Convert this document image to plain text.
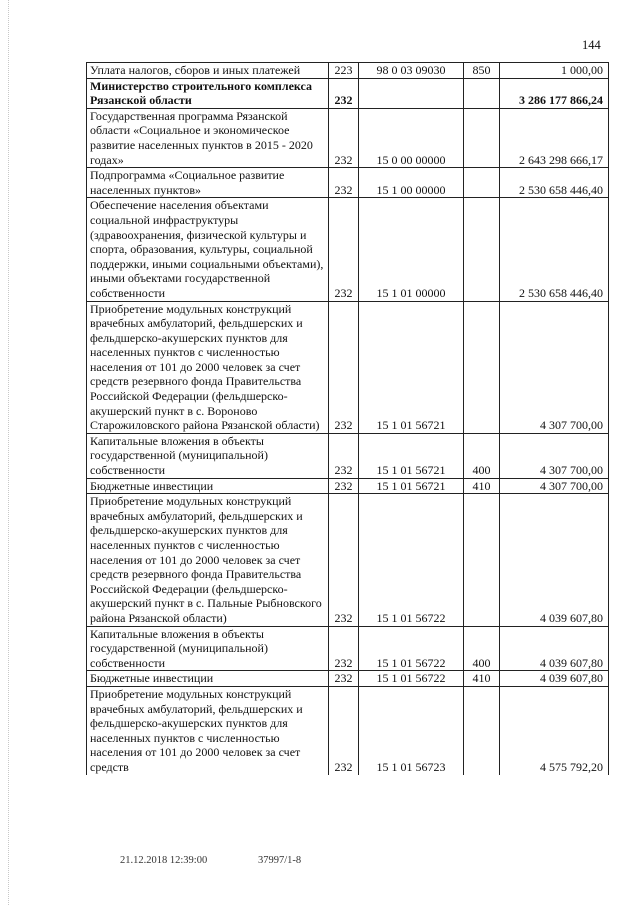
144
Уплата налогов, сборов и иных платежей	223	98 0 03 09030	850	1 000,00
Министерство строительного комплекса Рязанской области	232			3 286 177 866,24
Государственная программа Рязанской области «Социальное и экономическое развитие населенных пунктов в 2015 - 2020 годах»	232	15 0 00 00000		2 643 298 666,17
Подпрограмма «Социальное развитие населенных пунктов»	232	15 1 00 00000		2 530 658 446,40
Обеспечение населения объектами социальной инфраструктуры (здравоохранения, физической культуры и спорта, образования, культуры, социальной поддержки, иными социальными объектами), иными объектами государственной собственности	232	15 1 01 00000		2 530 658 446,40
Приобретение модульных конструкций врачебных амбулаторий, фельдшерских и фельдшерско-акушерских пунктов для населенных пунктов с численностью населения от 101 до 2000 человек за счет средств резервного фонда Правительства Российской Федерации (фельдшерско-акушерский пункт в с. Вороново Старожиловского района Рязанской области)	232	15 1 01 56721		4 307 700,00
Капитальные вложения в объекты государственной (муниципальной) собственности	232	15 1 01 56721	400	4 307 700,00
Бюджетные инвестиции	232	15 1 01 56721	410	4 307 700,00
Приобретение модульных конструкций врачебных амбулаторий, фельдшерских и фельдшерско-акушерских пунктов для населенных пунктов с численностью населения от 101 до 2000 человек за счет средств резервного фонда Правительства Российской Федерации (фельдшерско-акушерский пункт в с. Пальные Рыбновского района Рязанской области)	232	15 1 01 56722		4 039 607,80
Капитальные вложения в объекты государственной (муниципальной) собственности	232	15 1 01 56722	400	4 039 607,80
Бюджетные инвестиции	232	15 1 01 56722	410	4 039 607,80
Приобретение модульных конструкций врачебных амбулаторий, фельдшерских и фельдшерско-акушерских пунктов для населенных пунктов с численностью населения от 101 до 2000 человек за счет средств	232	15 1 01 56723		4 575 792,20
21.12.2018 12:39:00	37997/1-8
